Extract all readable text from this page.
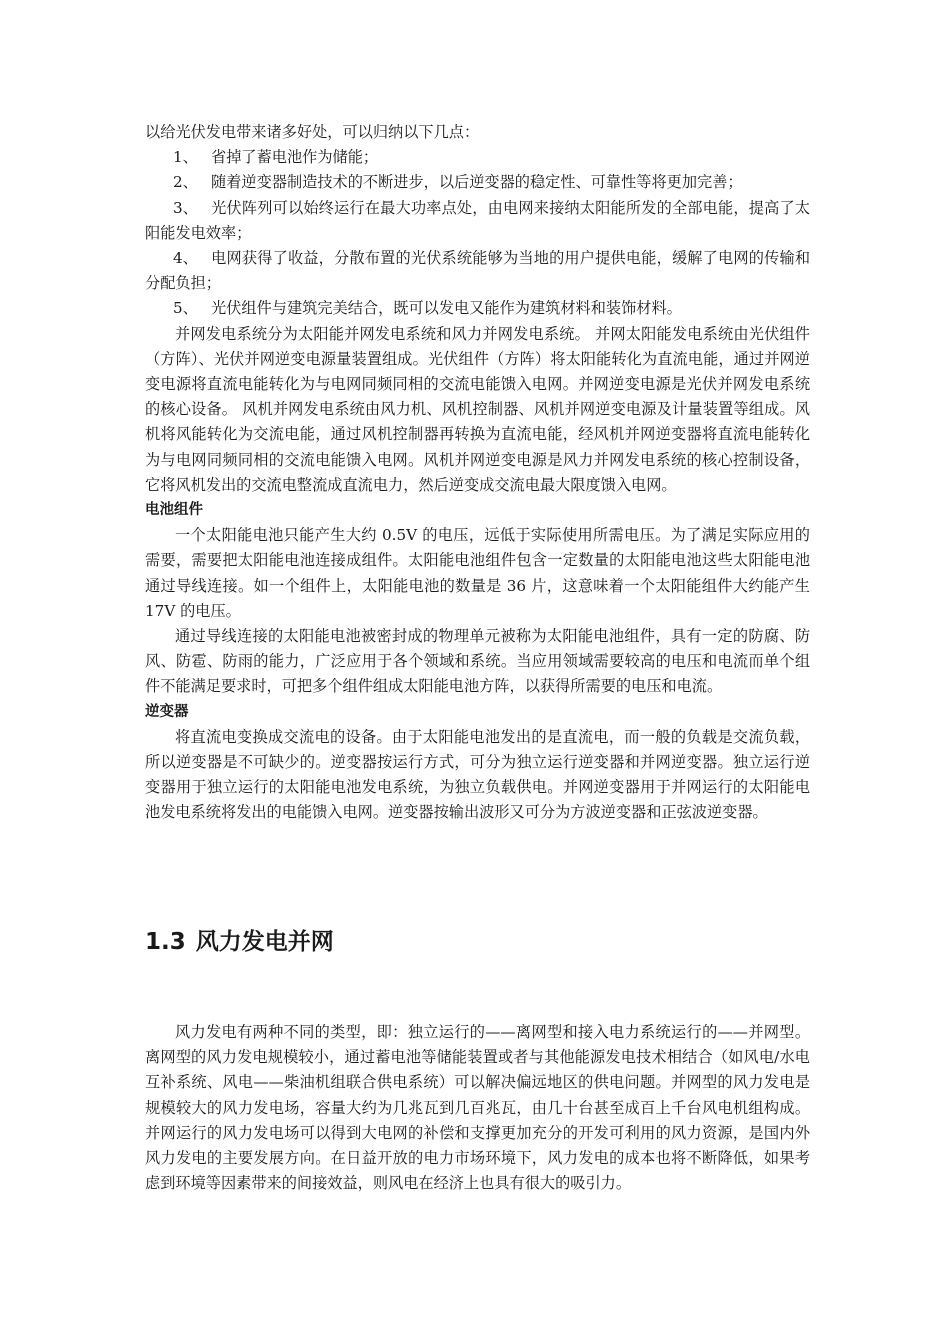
以给光伏发电带来诸多好处，可以归纳以下几点：

1、 省掉了蓄电池作为储能；

2、 随着逆变器制造技术的不断进步，以后逆变器的稳定性、可靠性等将更加完善；

3、 光伏阵列可以始终运行在最大功率点处，由电网来接纳太阳能所发的全部电能，提高了太阳能发电效率；

4、 电网获得了收益，分散布置的光伏系统能够为当地的用户提供电能，缓解了电网的传输和分配负担；

5、 光伏组件与建筑完美结合，既可以发电又能作为建筑材料和装饰材料。

并网发电系统分为太阳能并网发电系统和风力并网发电系统。 并网太阳能发电系统由光伏组件（方阵）、光伏并网逆变电源量装置组成。光伏组件（方阵）将太阳能转化为直流电能，通过并网逆变电源将直流电能转化为与电网同频同相的交流电能馈入电网。并网逆变电源是光伏并网发电系统的核心设备。 风机并网发电系统由风力机、风机控制器、风机并网逆变电源及计量装置等组成。风机将风能转化为交流电能，通过风机控制器再转换为直流电能，经风机并网逆变器将直流电能转化为与电网同频同相的交流电能馈入电网。风机并网逆变电源是风力并网发电系统的核心控制设备，它将风机发出的交流电整流成直流电力，然后逆变成交流电最大限度馈入电网。

电池组件

一个太阳能电池只能产生大约 0.5V 的电压，远低于实际使用所需电压。为了满足实际应用的需要，需要把太阳能电池连接成组件。太阳能电池组件包含一定数量的太阳能电池这些太阳能电池通过导线连接。如一个组件上，太阳能电池的数量是 36 片，这意味着一个太阳能组件大约能产生 17V 的电压。

通过导线连接的太阳能电池被密封成的物理单元被称为太阳能电池组件，具有一定的防腐、防风、防雹、防雨的能力，广泛应用于各个领域和系统。当应用领域需要较高的电压和电流而单个组件不能满足要求时，可把多个组件组成太阳能电池方阵，以获得所需要的电压和电流。

逆变器

将直流电变换成交流电的设备。由于太阳能电池发出的是直流电，而一般的负载是交流负载， 所以逆变器是不可缺少的。逆变器按运行方式，可分为独立运行逆变器和并网逆变器。独立运行逆变器用于独立运行的太阳能电池发电系统，为独立负载供电。并网逆变器用于并网运行的太阳能电池发电系统将发出的电能馈入电网。逆变器按输出波形又可分为方波逆变器和正弦波逆变器。

1.3 风力发电并网

风力发电有两种不同的类型，即：独立运行的——离网型和接入电力系统运行的——并网型。离网型的风力发电规模较小，通过蓄电池等储能装置或者与其他能源发电技术相结合（如风电/水电互补系统、风电——柴油机组联合供电系统）可以解决偏远地区的供电问题。并网型的风力发电是规模较大的风力发电场，容量大约为几兆瓦到几百兆瓦，由几十台甚至成百上千台风电机组构成。并网运行的风力发电场可以得到大电网的补偿和支撑更加充分的开发可利用的风力资源，是国内外风力发电的主要发展方向。在日益开放的电力市场环境下，风力发电的成本也将不断降低，如果考虑到环境等因素带来的间接效益，则风电在经济上也具有很大的吸引力。
